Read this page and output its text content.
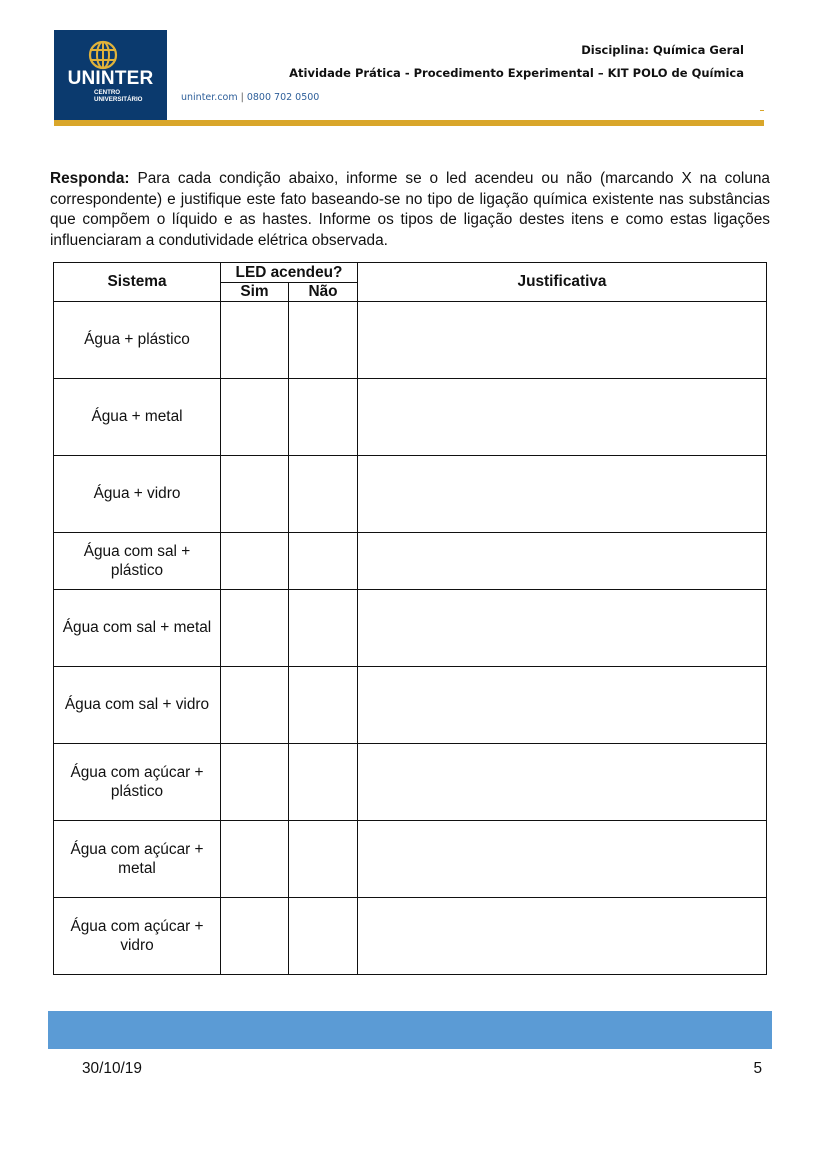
UNINTER
CENTRO
UNIVERSITÁRIO	uninter.com | 0800 702 0500
Disciplina: Química Geral
Atividade Prática - Procedimento Experimental – KIT POLO de Química
Responda: Para cada condição abaixo, informe se o led acendeu ou não (marcando X na coluna correspondente) e justifique este fato baseando-se no tipo de ligação química existente nas substâncias que compõem o líquido e as hastes. Informe os tipos de ligação destes itens e como estas ligações influenciaram a condutividade elétrica observada.
Sistema	LED acendeu?		Justificativa
	Sim	Não	
Água + plástico			
Água + metal			
Água + vidro			
Água com sal + plástico			
Água com sal + metal			
Água com sal + vidro			
Água com açúcar + plástico			
Água com açúcar + metal			
Água com açúcar + vidro			
30/10/19	5
